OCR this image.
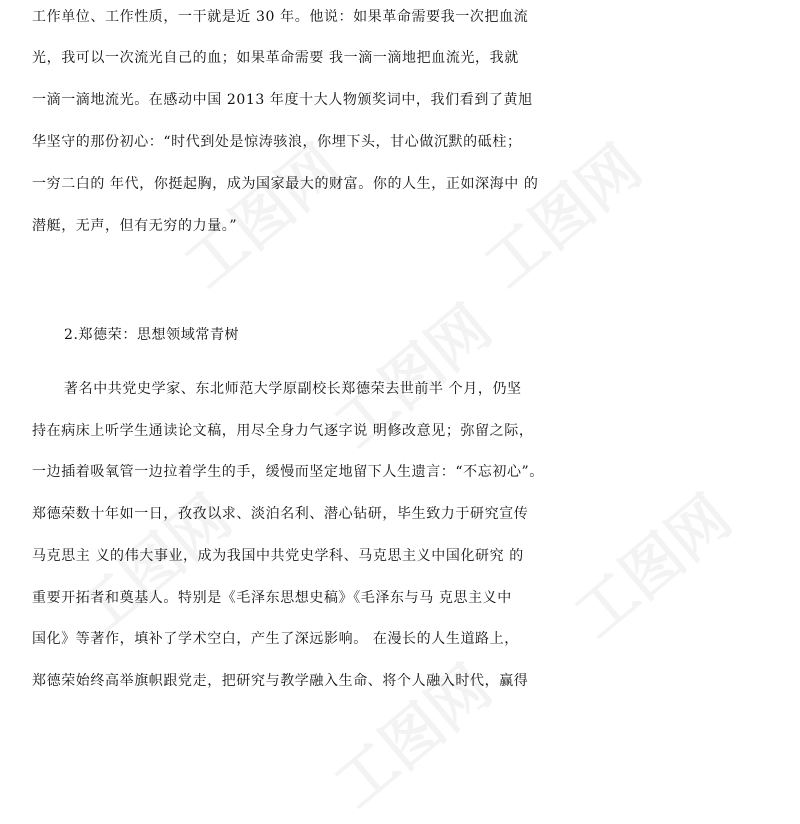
工作单位、工作性质，一干就是近 30 年。他说：如果革命需要我一次把血流
光，我可以一次流光自己的血；如果革命需要 我一滴一滴地把血流光，我就
一滴一滴地流光。在感动中国 2013 年度十大人物颁奖词中，我们看到了黄旭
华坚守的那份初心：“时代到处是惊涛骇浪，你埋下头，甘心做沉默的砥柱；
一穷二白的 年代，你挺起胸，成为国家最大的财富。你的人生，正如深海中 的
潜艇，无声，但有无穷的力量。”
2.郑德荣：思想领域常青树
著名中共党史学家、东北师范大学原副校长郑德荣去世前半 个月，仍坚
持在病床上听学生通读论文稿，用尽全身力气逐字说 明修改意见；弥留之际，
一边插着吸氧管一边拉着学生的手，缓慢而坚定地留下人生遗言：“不忘初心”。
郑德荣数十年如一日，孜孜以求、淡泊名利、潜心钻研，毕生致力于研究宣传
马克思主 义的伟大事业，成为我国中共党史学科、马克思主义中国化研究 的
重要开拓者和奠基人。特别是《毛泽东思想史稿》《毛泽东与马 克思主义中
国化》等著作，填补了学术空白，产生了深远影响。 在漫长的人生道路上，
郑德荣始终高举旗帜跟党走，把研究与教学融入生命、将个人融入时代，赢得
